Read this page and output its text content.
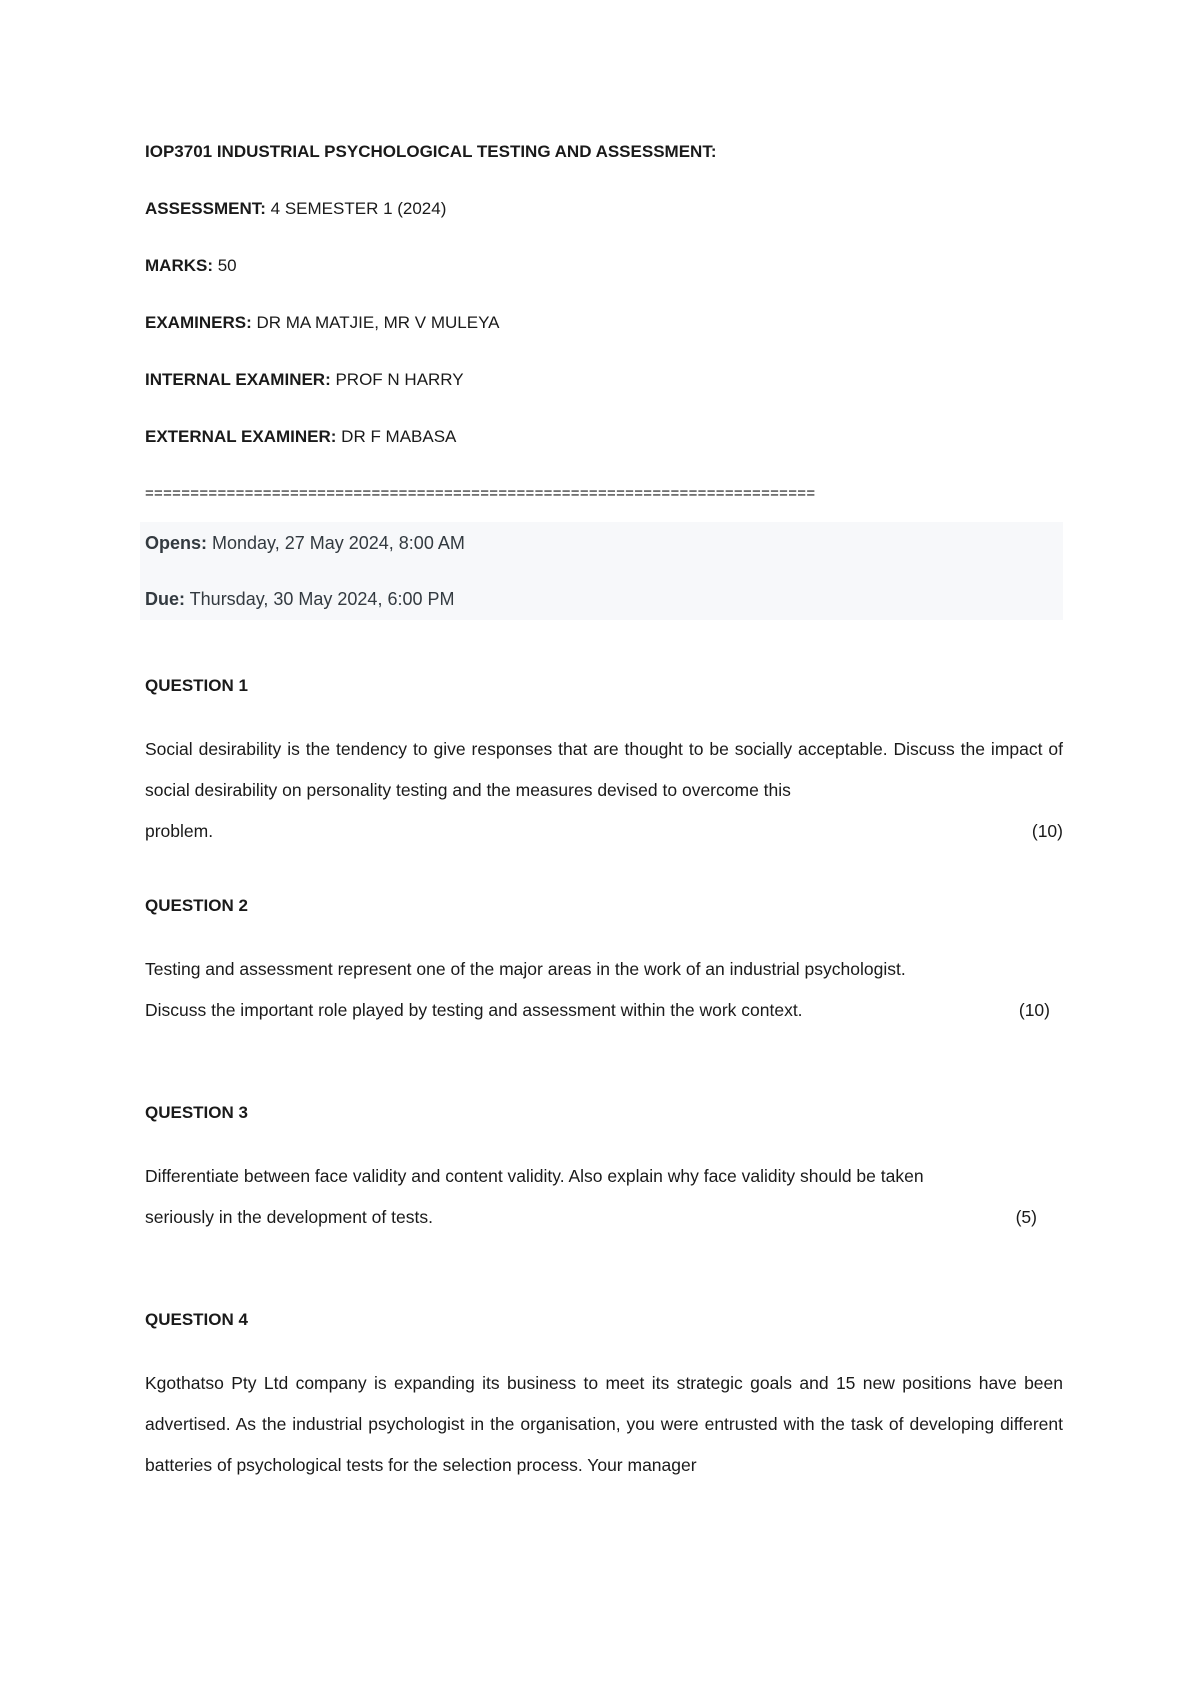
IOP3701 INDUSTRIAL PSYCHOLOGICAL TESTING AND ASSESSMENT:

ASSESSMENT: 4 SEMESTER 1 (2024)

MARKS: 50

EXAMINERS: DR MA MATJIE, MR V MULEYA

INTERNAL EXAMINER: PROF N HARRY

EXTERNAL EXAMINER: DR F MABASA

==========================================================================

Opens: Monday, 27 May 2024, 8:00 AM

Due: Thursday, 30 May 2024, 6:00 PM

QUESTION 1

Social desirability is the tendency to give responses that are thought to be socially acceptable. Discuss the impact of social desirability on personality testing and the measures devised to overcome this
problem.	(10)

QUESTION 2

Testing and assessment represent one of the major areas in the work of an industrial psychologist.
Discuss the important role played by testing and assessment within the work context.	(10)

QUESTION 3

Differentiate between face validity and content validity. Also explain why face validity should be taken
seriously in the development of tests.	(5)

QUESTION 4

Kgothatso Pty Ltd company is expanding its business to meet its strategic goals and 15 new positions have been advertised. As the industrial psychologist in the organisation, you were entrusted with the task of developing different batteries of psychological tests for the selection process. Your manager
